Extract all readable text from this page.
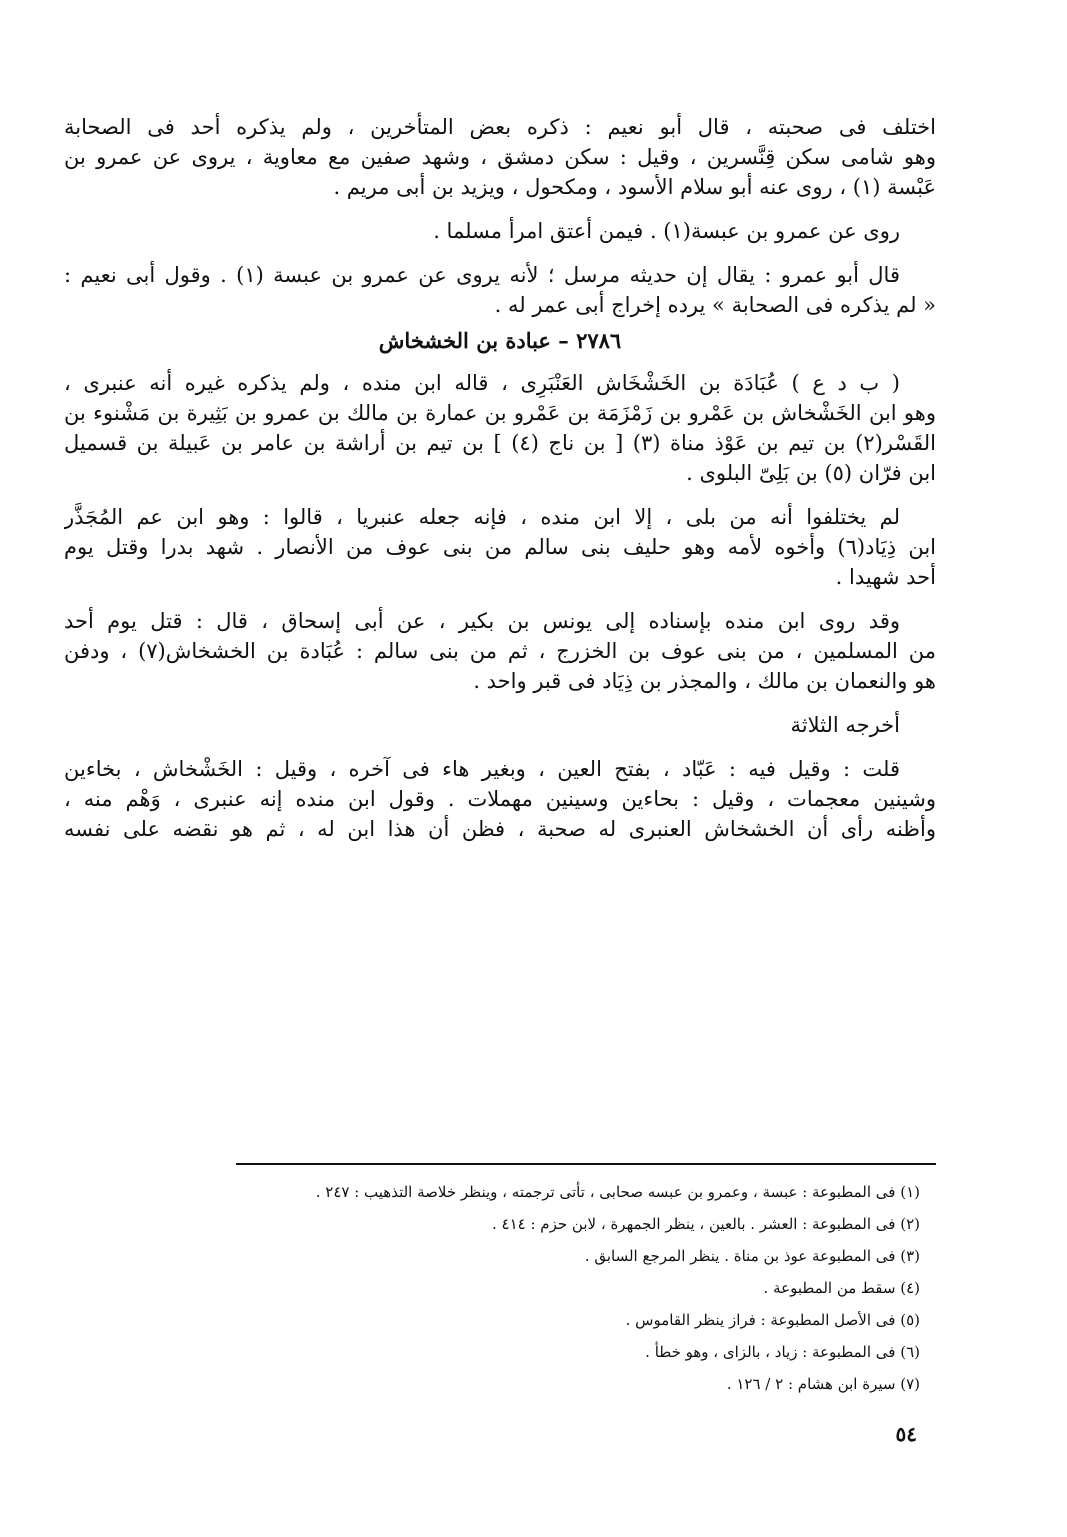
اختلف فى صحبته ، قال أبو نعيم : ذكره بعض المتأخرين ، ولم يذكره أحد فى الصحابة
وهو شامى سكن قِنَّسرين ، وقيل : سكن دمشق ، وشهد صفين مع معاوية ، يروى عن عمرو بن
عَبْسة (١) ، روى عنه أبو سلام الأسود ، ومكحول ، ويزيد بن أبى مريم .
روى عن عمرو بن عبسة(١) . فيمن أعتق امرأ مسلما .
قال أبو عمرو : يقال إن حديثه مرسل ؛ لأنه يروى عن عمرو بن عبسة (١) . وقول أبى نعيم :
« لم يذكره فى الصحابة » يرده إخراج أبى عمر له .
٢٧٨٦ – عبادة بن الخشخاش
( ب د ع ) عُبَادَة بن الخَشْخَاش العَنْبَرِى ، قاله ابن منده ، ولم يذكره غيره أنه عنبرى ،
وهو ابن الخَشْخاش بن عَمْرو بن زَمْزَمَة بن عَمْرو بن عمارة بن مالك بن عمرو بن بَثِيرة بن مَشْنوء بن
القَسْر(٢) بن تيم بن عَوْذ مناة (٣) [ بن ناج (٤) ] بن تيم بن أراشة بن عامر بن عَبيلة بن قسميل
ابن فرّان (٥) بن بَلِىّ البلوى .
لم يختلفوا أنه من بلى ، إلا ابن منده ، فإنه جعله عنبريا ، قالوا : وهو ابن عم المُجَذَّر
ابن ذِيَاد(٦) وأخوه لأمه وهو حليف بنى سالم من بنى عوف من الأنصار . شهد بدرا وقتل يوم
أحد شهيدا .
وقد روى ابن منده بإسناده إلى يونس بن بكير ، عن أبى إسحاق ، قال : قتل يوم أحد
من المسلمين ، من بنى عوف بن الخزرج ، ثم من بنى سالم : عُبَادة بن الخشخاش(٧) ، ودفن
هو والنعمان بن مالك ، والمجذر بن ذِيَاد فى قبر واحد .
أخرجه الثلاثة
قلت : وقيل فيه : عَبّاد ، بفتح العين ، وبغير هاء فى آخره ، وقيل : الخَشْخاش ، بخاءين
وشينين معجمات ، وقيل : بحاءين وسينين مهملات . وقول ابن منده إنه عنبرى ، وَهْم منه ،
وأظنه رأى أن الخشخاش العنبرى له صحبة ، فظن أن هذا ابن له ، ثم هو نقضه على نفسه
(١) فى المطبوعة : عبسة ، وعمرو بن عبسه صحابى ، تأتى ترجمته ، وينظر خلاصة التذهيب : ٢٤٧ .
(٢) فى المطبوعة : العشر . بالعين ، ينظر الجمهرة ، لابن حزم : ٤١٤ .
(٣) فى المطبوعة عوذ بن مناة . ينظر المرجع السابق .
(٤) سقط من المطبوعة .
(٥) فى الأصل المطبوعة : فراز ينظر القاموس .
(٦) فى المطبوعة : زياد ، بالزاى ، وهو خطأ .
(٧) سيرة ابن هشام : ٢ / ١٢٦ .
٥٤
